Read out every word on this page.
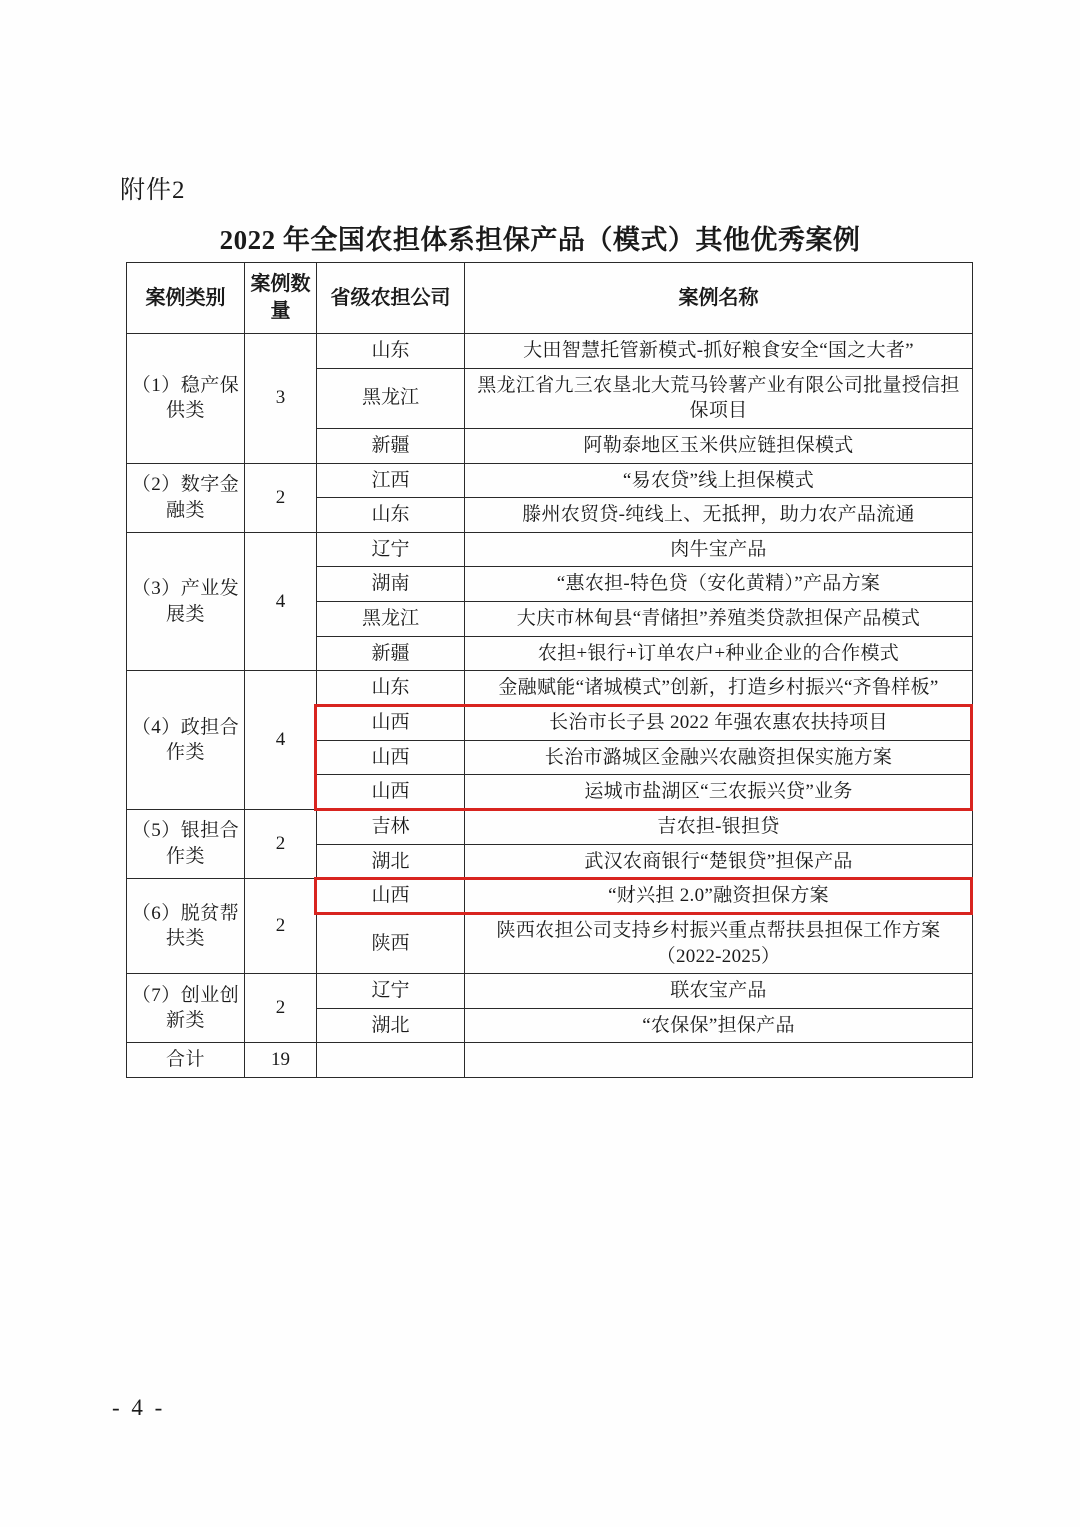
附件2
2022 年全国农担体系担保产品（模式）其他优秀案例
案例类别	案例数量	省级农担公司	案例名称
（1）稳产保供类	3	山东	大田智慧托管新模式-抓好粮食安全“国之大者”
		黑龙江	黑龙江省九三农垦北大荒马铃薯产业有限公司批量授信担保项目
		新疆	阿勒泰地区玉米供应链担保模式
（2）数字金融类	2	江西	“易农贷”线上担保模式
		山东	滕州农贸贷-纯线上、无抵押，助力农产品流通
（3）产业发展类	4	辽宁	肉牛宝产品
		湖南	“惠农担-特色贷（安化黄精）”产品方案
		黑龙江	大庆市林甸县“青储担”养殖类贷款担保产品模式
		新疆	农担+银行+订单农户+种业企业的合作模式
（4）政担合作类	4	山东	金融赋能“诸城模式”创新，打造乡村振兴“齐鲁样板”
		山西	长治市长子县 2022 年强农惠农扶持项目
		山西	长治市潞城区金融兴农融资担保实施方案
		山西	运城市盐湖区“三农振兴贷”业务
（5）银担合作类	2	吉林	吉农担-银担贷
		湖北	武汉农商银行“楚银贷”担保产品
（6）脱贫帮扶类	2	山西	“财兴担 2.0”融资担保方案
		陕西	陕西农担公司支持乡村振兴重点帮扶县担保工作方案（2022-2025）
（7）创业创新类	2	辽宁	联农宝产品
		湖北	“农保保”担保产品
合计	19		
- 4 -
